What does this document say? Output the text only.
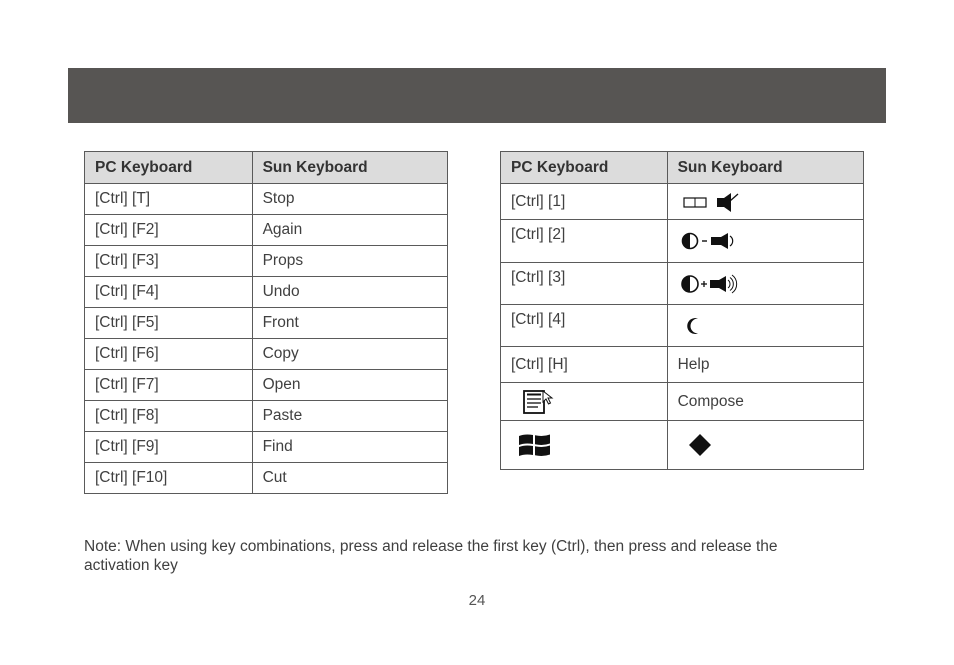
PC Keyboard	Sun Keyboard
[Ctrl] [T]	Stop
[Ctrl] [F2]	Again
[Ctrl] [F3]	Props
[Ctrl] [F4]	Undo
[Ctrl] [F5]	Front
[Ctrl] [F6]	Copy
[Ctrl] [F7]	Open
[Ctrl] [F8]	Paste
[Ctrl] [F9]	Find
[Ctrl] [F10]	Cut
PC Keyboard	Sun Keyboard
[Ctrl] [1]	

[Ctrl] [2]	

[Ctrl] [3]	

[Ctrl] [4]	

[Ctrl] [H]	Help

	Compose

Note: When using key combinations, press and release the first key (Ctrl), then press and release the activation key

24
